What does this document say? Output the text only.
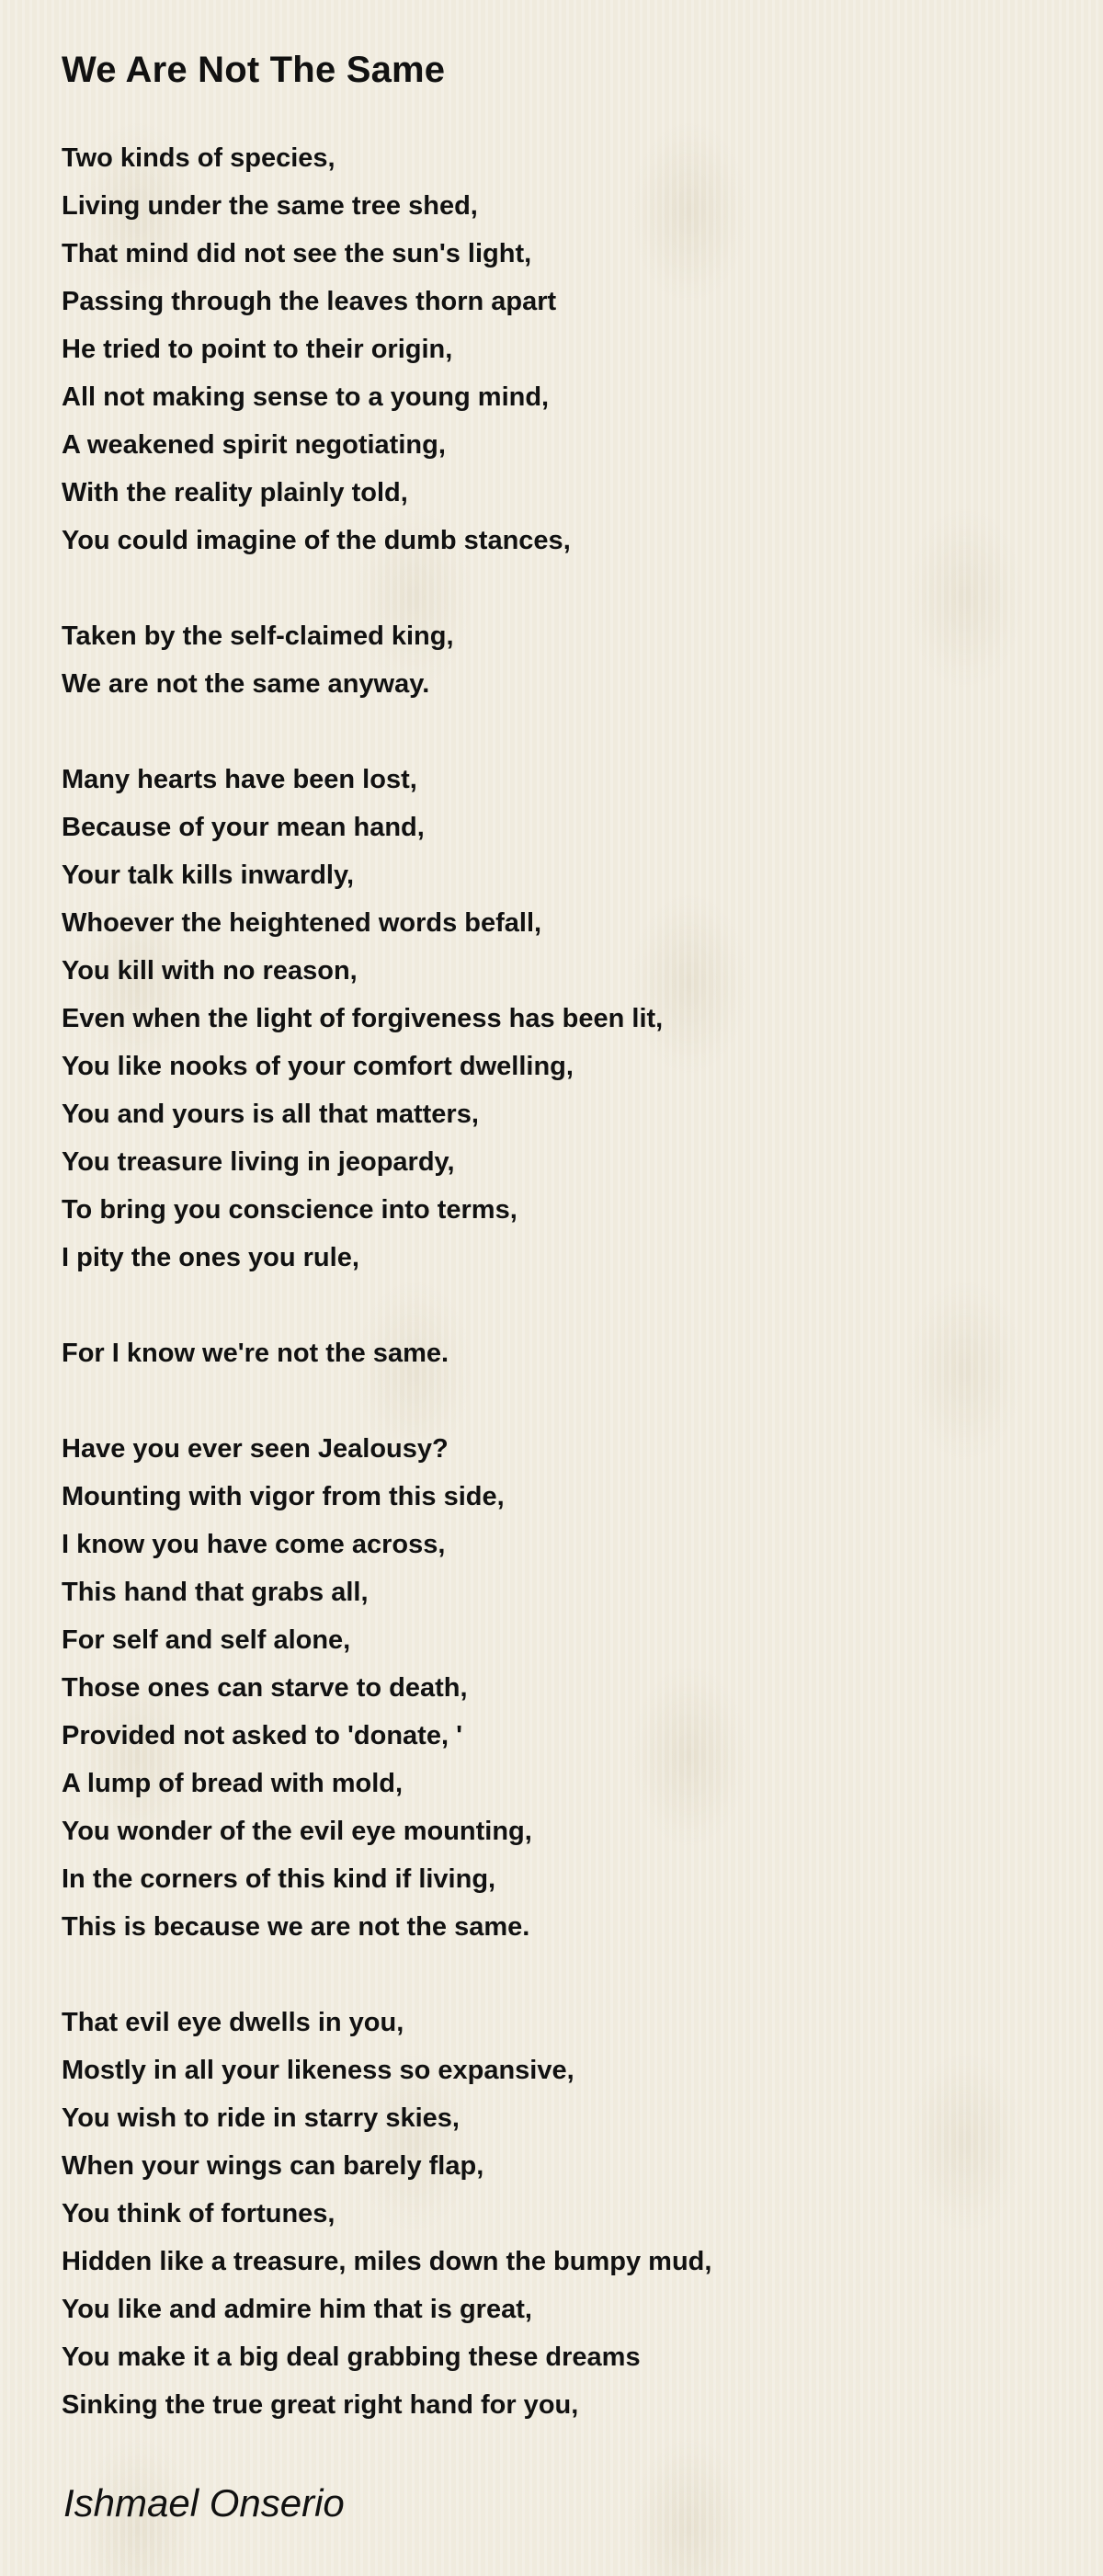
We Are Not The Same
Two kinds of species,
Living under the same tree shed,
That mind did not see the sun's light,
Passing through the leaves thorn apart
He tried to point to their origin,
All not making sense to a young mind,
A weakened spirit negotiating,
With the reality plainly told,
You could imagine of the dumb stances,
Taken by the self-claimed king,
We are not the same anyway.
Many hearts have been lost,
Because of your mean hand,
Your talk kills inwardly,
Whoever the heightened words befall,
You kill with no reason,
Even when the light of forgiveness has been lit,
You like nooks of your comfort dwelling,
You and yours is all that matters,
You treasure living in jeopardy,
To bring you conscience into terms,
I pity the ones you rule,
For I know we're not the same.
Have you ever seen Jealousy?
Mounting with vigor from this side,
I know you have come across,
This hand that grabs all,
For self and self alone,
Those ones can starve to death,
Provided not asked to 'donate, '
A lump of bread with mold,
You wonder of the evil eye mounting,
In the corners of this kind if living,
This is because we are not the same.
That evil eye dwells in you,
Mostly in all your likeness so expansive,
You wish to ride in starry skies,
When your wings can barely flap,
You think of fortunes,
Hidden like a treasure, miles down the bumpy mud,
You like and admire him that is great,
You make it a big deal grabbing these dreams
Sinking the true great right hand for you,
Ishmael Onserio
